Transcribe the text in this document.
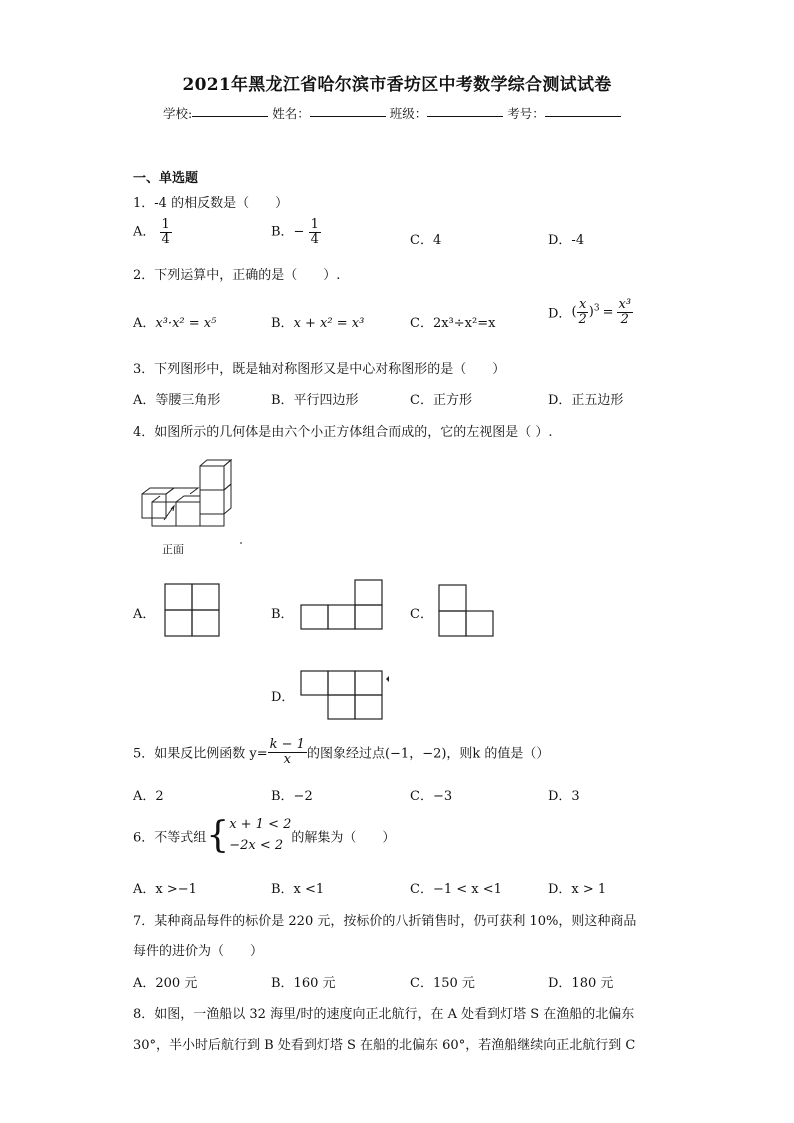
2021年黑龙江省哈尔滨市香坊区中考数学综合测试试卷
学校:	姓名：	班级：	考号：
一、单选题
1．-4 的相反数是（　　）
A． $\frac{1}{4}$	B．− $\frac{1}{4}$	C．4	D．-4
2．下列运算中，正确的是（　　）.
A．x³·x² = x⁵	B．x + x² = x³	C．2x³÷x²=x
D．( $\frac{x}{2} )^3 = \frac{\text{x³}}{2}$
3．下列图形中，既是轴对称图形又是中心对称图形的是（　　）
A．等腰三角形	B．平行四边形	C．正方形	D．正五边形
4．如图所示的几何体是由六个小正方体组合而成的，它的左视图是（ ）.
正面
A．	B．	C．
D．
5．如果反比例函数 $y= \frac{k - 1}{x}$ 的图象经过点(−1，−2)，则k 的值是（）
A．2	B．−2	C．−3	D．3
6．不等式组{ x + 1 < 2
−2x < 2 的解集为（　　）
A．x >−1	B．x <1	C．−1 < x <1	D．x > 1
7．某种商品每件的标价是 220 元，按标价的八折销售时，仍可获利 10%，则这种商品
每件的进价为（　　）
A．200 元	B．160 元	C．150 元	D．180 元
8．如图，一渔船以 32 海里/时的速度向正北航行，在 A 处看到灯塔 S 在渔船的北偏东
30°，半小时后航行到 B 处看到灯塔 S 在船的北偏东 60°，若渔船继续向正北航行到 C
